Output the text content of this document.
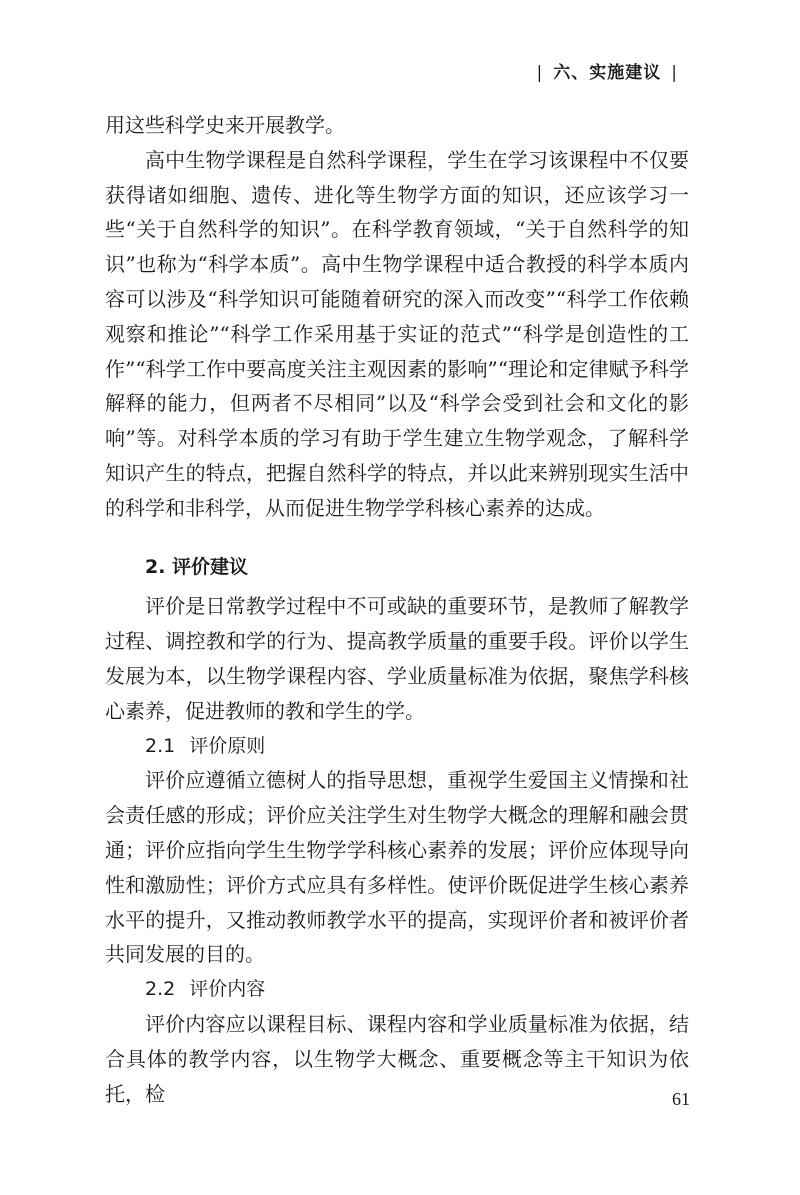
| 六、实施建议 |

用这些科学史来开展教学。

高中生物学课程是自然科学课程，学生在学习该课程中不仅要获得诸如细胞、遗传、进化等生物学方面的知识，还应该学习一些“关于自然科学的知识”。在科学教育领域，“关于自然科学的知识”也称为“科学本质”。高中生物学课程中适合教授的科学本质内容可以涉及“科学知识可能随着研究的深入而改变”“科学工作依赖观察和推论”“科学工作采用基于实证的范式”“科学是创造性的工作”“科学工作中要高度关注主观因素的影响”“理论和定律赋予科学解释的能力，但两者不尽相同”以及“科学会受到社会和文化的影响”等。对科学本质的学习有助于学生建立生物学观念，了解科学知识产生的特点，把握自然科学的特点，并以此来辨别现实生活中的科学和非科学，从而促进生物学学科核心素养的达成。

2. 评价建议

评价是日常教学过程中不可或缺的重要环节，是教师了解教学过程、调控教和学的行为、提高教学质量的重要手段。评价以学生发展为本，以生物学课程内容、学业质量标准为依据，聚焦学科核心素养，促进教师的教和学生的学。

2.1 评价原则

评价应遵循立德树人的指导思想，重视学生爱国主义情操和社会责任感的形成；评价应关注学生对生物学大概念的理解和融会贯通；评价应指向学生生物学学科核心素养的发展；评价应体现导向性和激励性；评价方式应具有多样性。使评价既促进学生核心素养水平的提升，又推动教师教学水平的提高，实现评价者和被评价者共同发展的目的。

2.2 评价内容

评价内容应以课程目标、课程内容和学业质量标准为依据，结合具体的教学内容，以生物学大概念、重要概念等主干知识为依托，检	61
